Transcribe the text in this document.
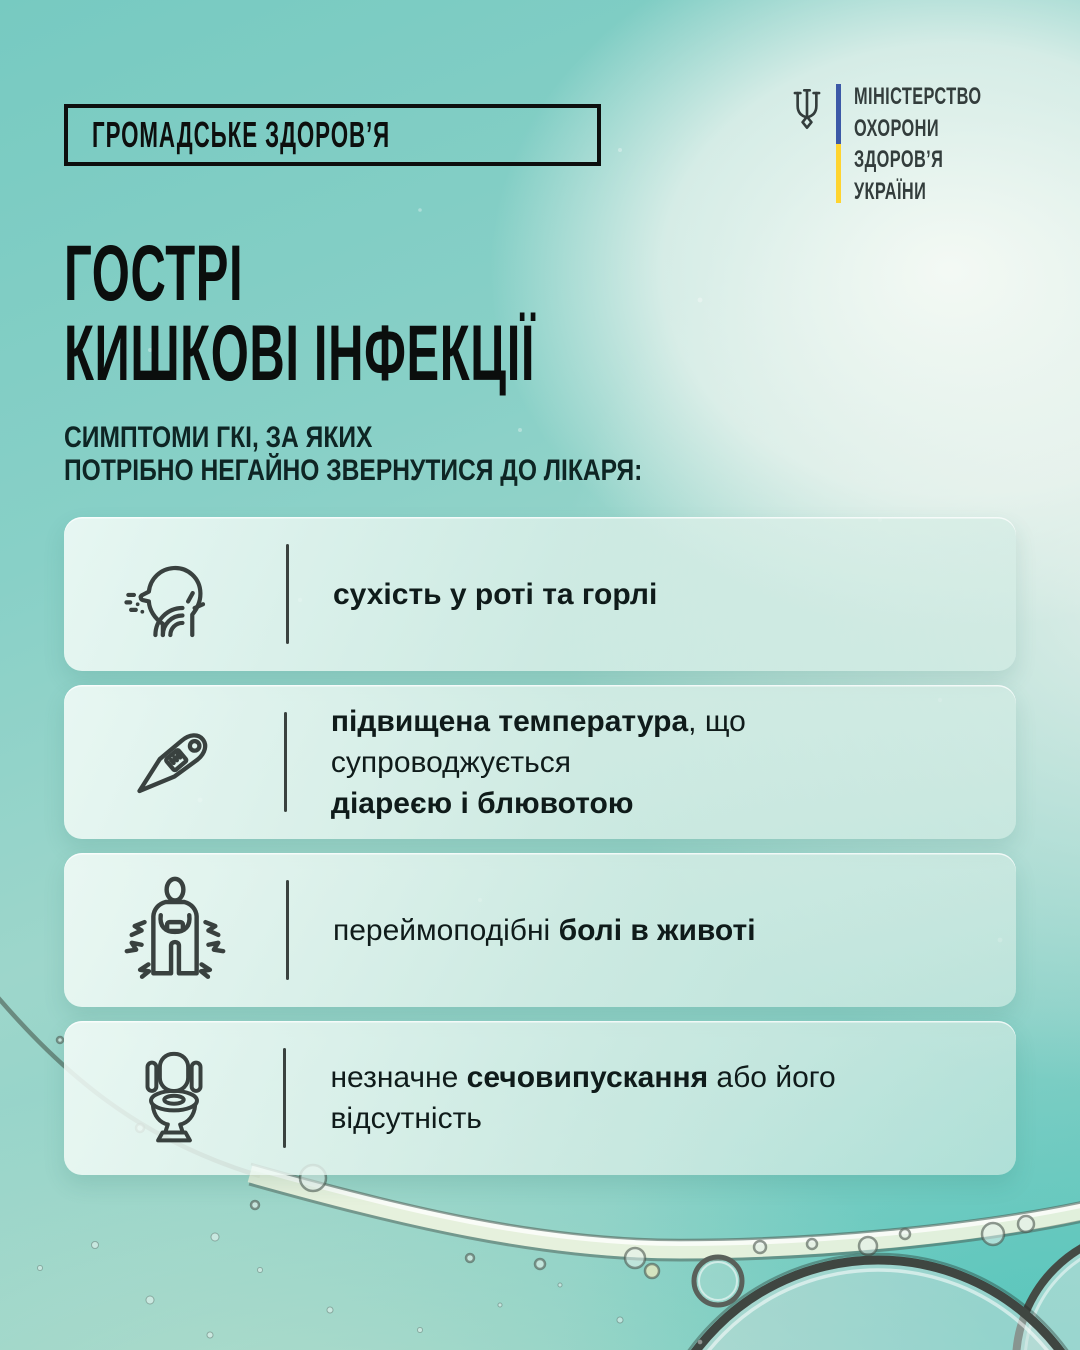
ГРОМАДСЬКЕ ЗДОРОВ’Я
МІНІСТЕРСТВО
ОХОРОНИ
ЗДОРОВ’Я
УКРАЇНИ
ГОСТРІ
КИШКОВІ ІНФЕКЦІЇ
СИМПТОМИ ГКІ, ЗА ЯКИХ
ПОТРІБНО НЕГАЙНО ЗВЕРНУТИСЯ ДО ЛІКАРЯ:
сухість у роті та горлі
підвищена температура, що супроводжується
діареєю і блювотою
переймоподібні болі в животі
незначне сечовипускання або його відсутність
